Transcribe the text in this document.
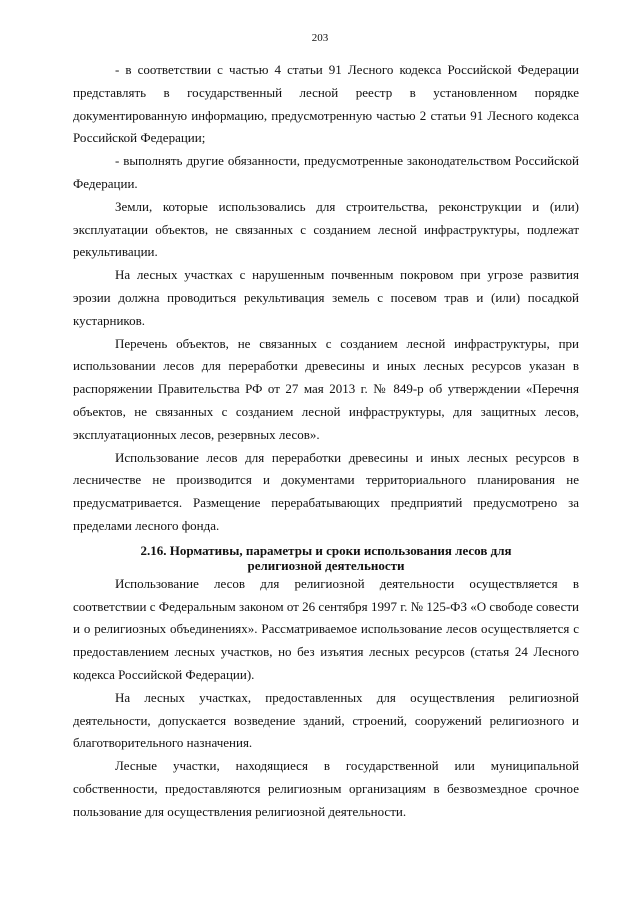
203

- в соответствии с частью 4 статьи 91 Лесного кодекса Российской Федерации представлять в государственный лесной реестр в установленном порядке документированную информацию, предусмотренную частью 2 статьи 91 Лесного кодекса Российской Федерации;

- выполнять другие обязанности, предусмотренные законодательством Российской Федерации.

Земли, которые использовались для строительства, реконструкции и (или) эксплуатации объектов, не связанных с созданием лесной инфраструктуры, подлежат рекультивации.

На лесных участках с нарушенным почвенным покровом при угрозе развития эрозии должна проводиться рекультивация земель с посевом трав и (или) посадкой кустарников.

Перечень объектов, не связанных с созданием лесной инфраструктуры, при использовании лесов для переработки древесины и иных лесных ресурсов указан в распоряжении Правительства РФ от 27 мая 2013 г. № 849-р об утверждении «Перечня объектов, не связанных с созданием лесной инфраструктуры, для защитных лесов, эксплуатационных лесов, резервных лесов».

Использование лесов для переработки древесины и иных лесных ресурсов в лесничестве не производится и документами территориального планирования не предусматривается. Размещение перерабатывающих предприятий предусмотрено за пределами лесного фонда.

2.16. Нормативы, параметры и сроки использования лесов для
религиозной деятельности

Использование лесов для религиозной деятельности осуществляется в соответствии с Федеральным законом от 26 сентября 1997 г. № 125-ФЗ «О свободе совести и о религиозных объединениях». Рассматриваемое использование лесов осуществляется с предоставлением лесных участков, но без изъятия лесных ресурсов (статья 24 Лесного кодекса Российской Федерации).

На лесных участках, предоставленных для осуществления религиозной деятельности, допускается возведение зданий, строений, сооружений религиозного и благотворительного назначения.

Лесные участки, находящиеся в государственной или муниципальной собственности, предоставляются религиозным организациям в безвозмездное срочное пользование для осуществления религиозной деятельности.
